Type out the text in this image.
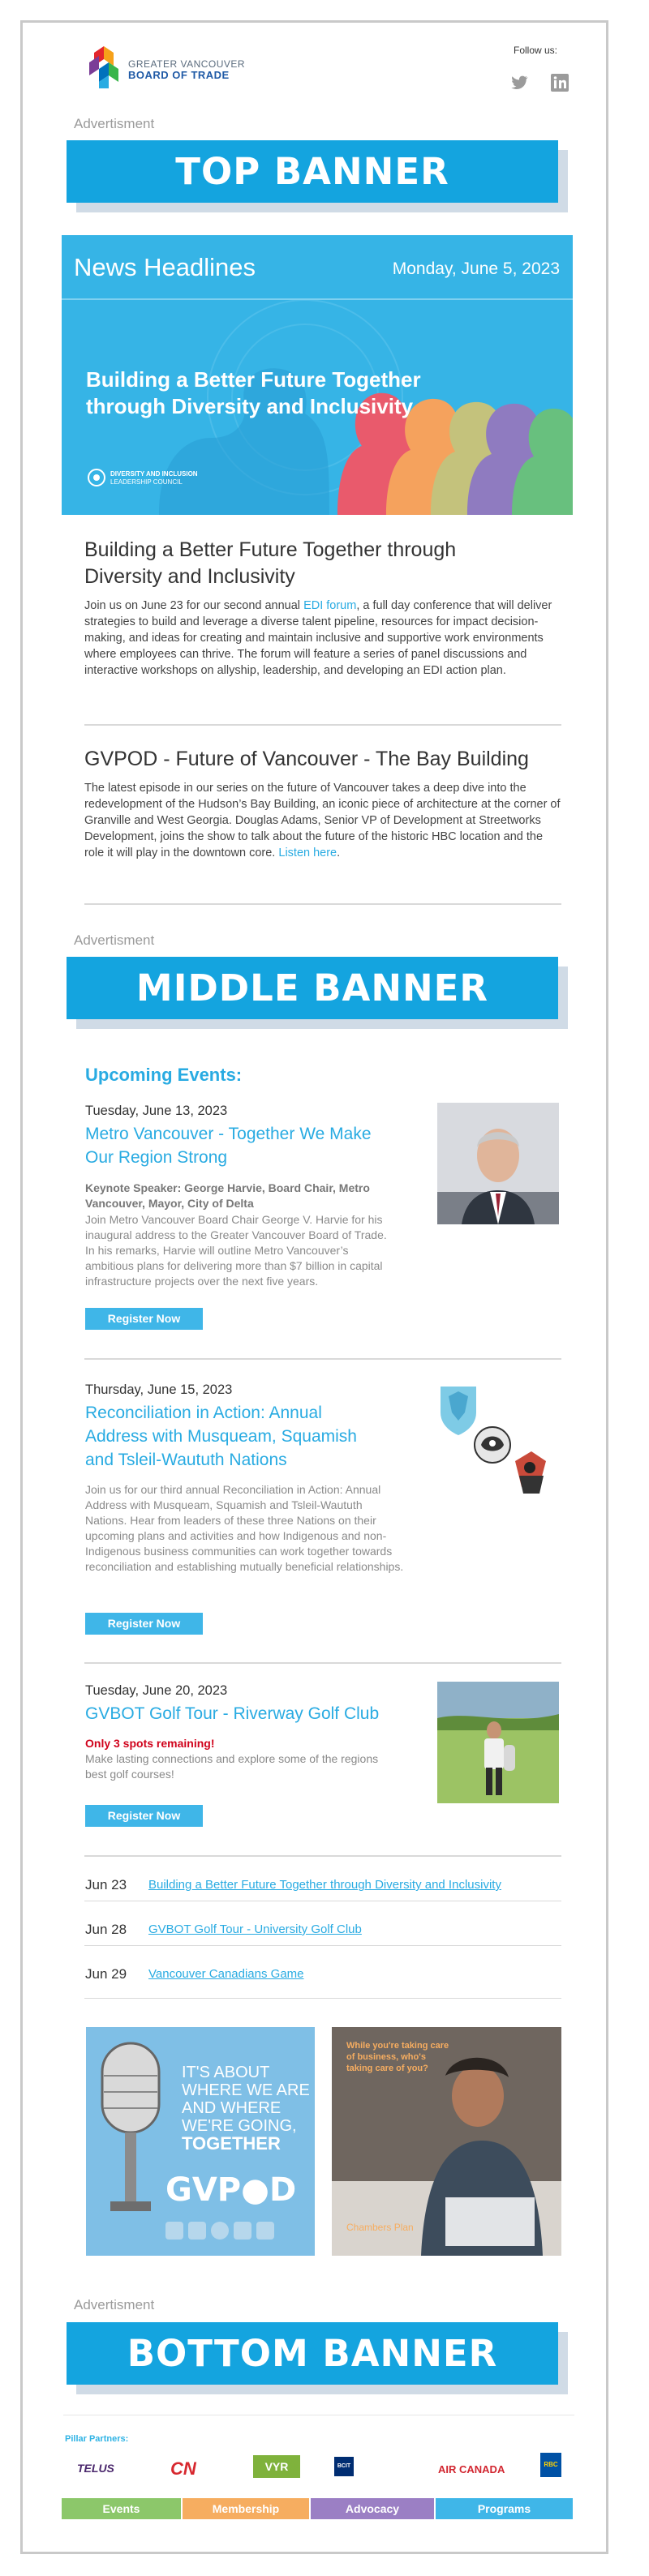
GREATER VANCOUVER
BOARD OF TRADE
Follow us:
Advertisment
TOP BANNER
News Headlines	Monday, June 5, 2023
Building a Better Future Together through Diversity and Inclusivity
DIVERSITY AND INCLUSION
LEADERSHIP COUNCIL
Building a Better Future Together through Diversity and Inclusivity
Join us on June 23 for our second annual EDI forum, a full day conference that will deliver strategies to build and leverage a diverse talent pipeline, resources for impact decision-making, and ideas for creating and maintain inclusive and supportive work environments where employees can thrive. The forum will feature a series of panel discussions and interactive workshops on allyship, leadership, and developing an EDI action plan.
GVPOD - Future of Vancouver - The Bay Building
The latest episode in our series on the future of Vancouver takes a deep dive into the redevelopment of the Hudson’s Bay Building, an iconic piece of architecture at the corner of Granville and West Georgia. Douglas Adams, Senior VP of Development at Streetworks Development, joins the show to talk about the future of the historic HBC location and the role it will play in the downtown core. Listen here.
Advertisment
MIDDLE BANNER
Upcoming Events:
Tuesday, June 13, 2023
Metro Vancouver - Together We Make Our Region Strong
Keynote Speaker: George Harvie, Board Chair, Metro Vancouver, Mayor, City of Delta
Join Metro Vancouver Board Chair George V. Harvie for his inaugural address to the Greater Vancouver Board of Trade. In his remarks, Harvie will outline Metro Vancouver’s ambitious plans for delivering more than $7 billion in capital infrastructure projects over the next five years.
Register Now
Thursday, June 15, 2023
Reconciliation in Action: Annual Address with Musqueam, Squamish and Tsleil-Waututh Nations
Join us for our third annual Reconciliation in Action: Annual Address with Musqueam, Squamish and Tsleil-Waututh Nations. Hear from leaders of these three Nations on their upcoming plans and activities and how Indigenous and non-Indigenous business communities can work together towards reconciliation and establishing mutually beneficial relationships.
Register Now
Tuesday, June 20, 2023
GVBOT Golf Tour - Riverway Golf Club
Only 3 spots remaining!
Make lasting connections and explore some of the regions best golf courses!
Register Now
Jun 23 Building a Better Future Together through Diversity and Inclusivity
Jun 28 GVBOT Golf Tour - University Golf Club
Jun 29 Vancouver Canadians Game
IT'S ABOUT
WHERE WE ARE
AND WHERE
WE'RE GOING,
TOGETHER
GVP●D
While you're taking care of business, who's taking care of you?
Chambers Plan
Advertisment
BOTTOM BANNER
Pillar Partners:
TELUS	CN	VYR	BCIT	AIR CANADA	RBC
Events	Membership	Advocacy	Programs
